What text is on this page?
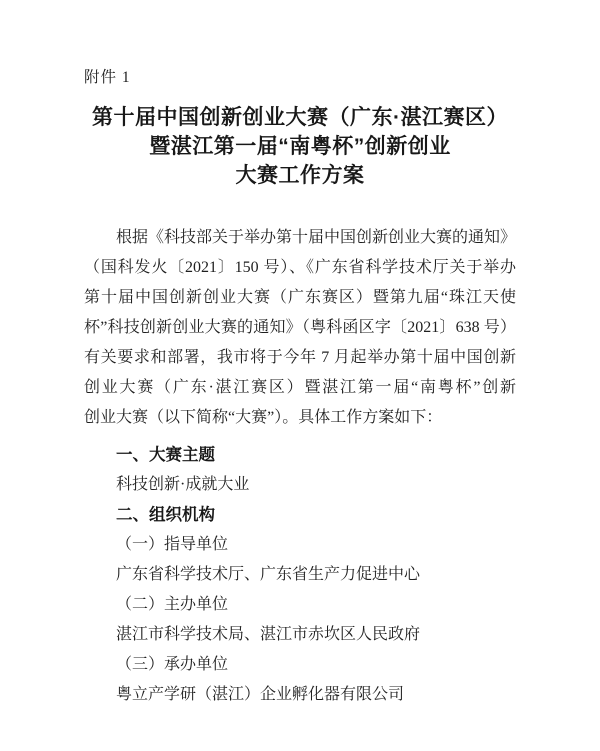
附件 1
第十届中国创新创业大赛（广东·湛江赛区）
暨湛江第一届“南粤杯”创新创业
大赛工作方案
根据《科技部关于举办第十届中国创新创业大赛的通知》
（国科发火〔2021〕150 号）、《广东省科学技术厅关于举办
第十届中国创新创业大赛（广东赛区）暨第九届“珠江天使
杯”科技创新创业大赛的通知》（粤科函区字〔2021〕638 号）
有关要求和部署，我市将于今年 7 月起举办第十届中国创新
创业大赛（广东·湛江赛区）暨湛江第一届“南粤杯”创新
创业大赛（以下简称“大赛”）。具体工作方案如下：
一、大赛主题
科技创新·成就大业
二、组织机构
（一）指导单位
广东省科学技术厅、广东省生产力促进中心
（二）主办单位
湛江市科学技术局、湛江市赤坎区人民政府
（三）承办单位
粤立产学研（湛江）企业孵化器有限公司
